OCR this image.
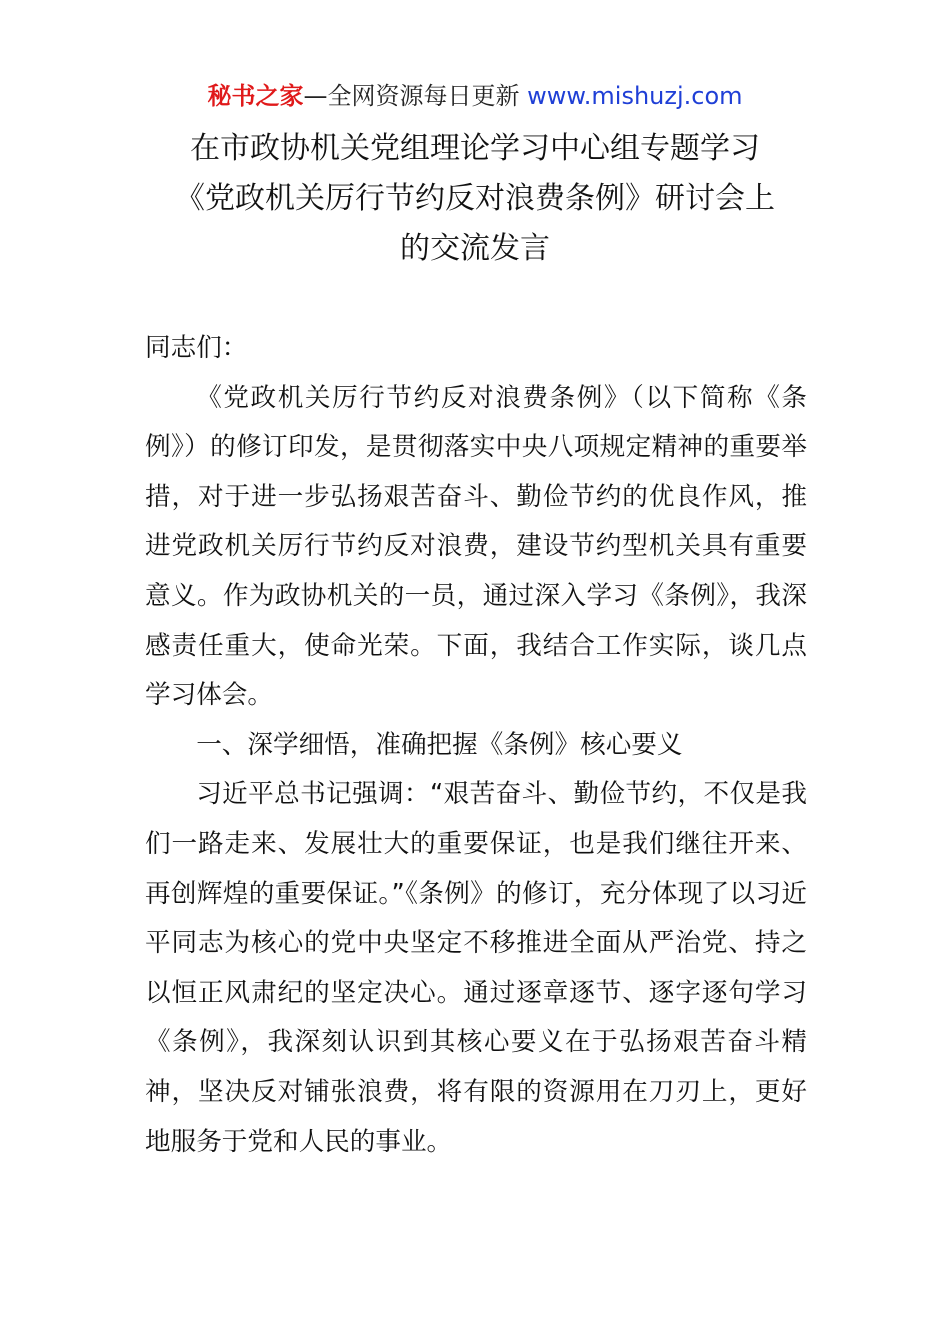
秘书之家—全网资源每日更新 www.mishuzj.com
在市政协机关党组理论学习中心组专题学习
《党政机关厉行节约反对浪费条例》研讨会上
的交流发言
同志们：
《党政机关厉行节约反对浪费条例》（以下简称《条例》）的修订印发，是贯彻落实中央八项规定精神的重要举措，对于进一步弘扬艰苦奋斗、勤俭节约的优良作风，推进党政机关厉行节约反对浪费，建设节约型机关具有重要意义。作为政协机关的一员，通过深入学习《条例》，我深感责任重大，使命光荣。下面，我结合工作实际，谈几点学习体会。
一、深学细悟，准确把握《条例》核心要义
习近平总书记强调：“艰苦奋斗、勤俭节约，不仅是我们一路走来、发展壮大的重要保证，也是我们继往开来、再创辉煌的重要保证。”《条例》的修订，充分体现了以习近平同志为核心的党中央坚定不移推进全面从严治党、持之以恒正风肃纪的坚定决心。通过逐章逐节、逐字逐句学习《条例》，我深刻认识到其核心要义在于弘扬艰苦奋斗精神，坚决反对铺张浪费，将有限的资源用在刀刃上，更好地服务于党和人民的事业。
